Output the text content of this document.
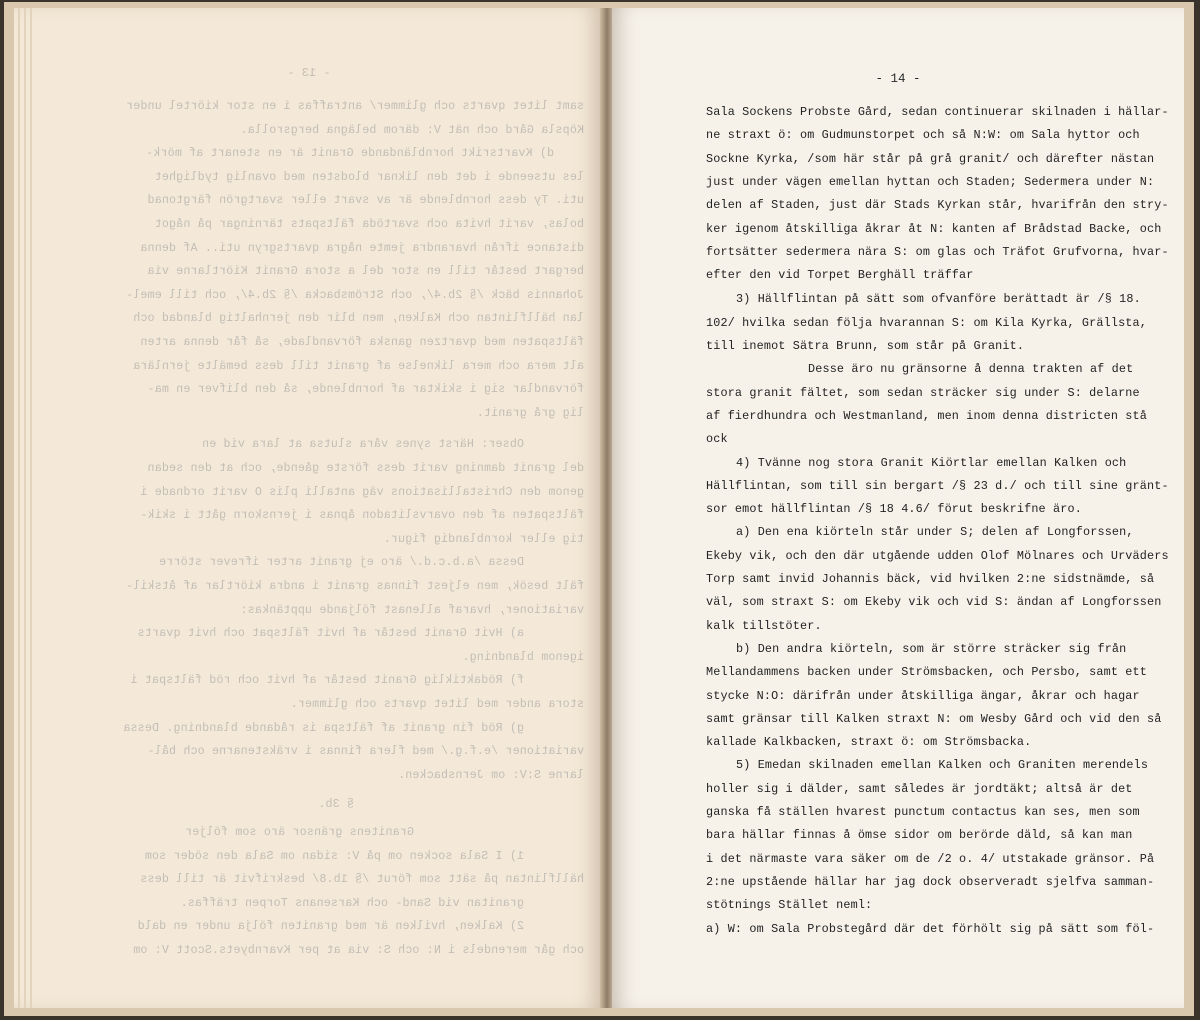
- 13 -
samt litet qvarts och glimmer/ antraffas i en stor kiörtel under
Köpsla Gård och nät V: därom belägna bergsrolla.
d) Kvartsrikt hornbländande Granit är en stenart af mörk-
les utseende i det den liknar blodsten med ovanlig tydlighet
uti. Ty dess hornblende är av svart eller svartgrön färgtonad
bolas, varit hvita och svartöda fältspats tärningar på något
distance ifrån hvarandra jemte några qvartsgryn uti.. Af denna
bergart består till en stor del a stora Granit Kiörtlarne via
Johannis bäck /§ 2b.4/, och Strömsbacka /§ 2b.4/, och till emel-
lan hällflintan och Kalken, men blir den jernhaltig blandad och
fältspaten med qvartzen ganska förvandlade, så får denna arten
alt mera och mera liknelse af granit till dess bemälte jernlära
förvandlar sig i skiktar af hornblende, så den blifver en ma-
lig grå granit.
Obser: Härst synes våra slutsa at lara vid en
del granit damning varit dess förste gående, och at den sedan
genom den Christallisations väg antalli plis O varit ordnade i
fältspaten af den ovarvslitadon åpnas i jernskorn gått i skik-
tig eller kornblandig figur.
Dessa /a.b.c.d./ äro ej granit arter ifrever större
fält besök, men eljest finnas granit i andra kiörtlar af åtskil-
variationer, hvaraf allenast följande upptänkas:
a) Hvit Granit består af hvit fältspat och hvit qvarts
igenom blandning.
f) Rödaktiklig Granit består af hvit och röd fältspat i
stora ander med litet qvarts och glimmer.
g) Röd fin granit af fältspa is rådande blandning. Dessa
variationer /e.f.g./ med flera finnas i vräkstenarne och bål-
larne S:V: om Jernsbacken.
§ 3b.
Granitens gränsor äro som följer
1) I Sala socken om på V: sidan om Sala den söder som
hällflintan på sätt som förut /§ 1b.8/ beskrifvit är till dess
granitan vid Sand- och Karsenans Torpen träffas.
2) Kalken, hvilken är med graniten följa under en dald
och går merendels i N: och S: via at per Kvarnbyets.Scott V: om
- 14 -
Sala Sockens Probste Gård, sedan continuerar skilnaden i hällar-
ne straxt ö: om Gudmunstorpet och så N:W: om Sala hyttor och
Sockne Kyrka, /som här står på grå granit/ och därefter nästan
just under vägen emellan hyttan och Staden; Sedermera under N:
delen af Staden, just där Stads Kyrkan står, hvarifrån den stry-
ker igenom åtskilliga åkrar åt N: kanten af Brådstad Backe, och
fortsätter sedermera nära S: om glas och Träfot Grufvorna, hvar-
efter den vid Torpet Berghäll träffar
3) Hällflintan på sätt som ofvanföre berättadt är /§ 18.
102/ hvilka sedan följa hvarannan S: om Kila Kyrka, Grällsta,
till inemot Sätra Brunn, som står på Granit.
Desse äro nu gränsorne å denna trakten af det
stora granit fältet, som sedan sträcker sig under S: delarne
af fierdhundra och Westmanland, men inom denna districten stå
ock
4) Tvänne nog stora Granit Kiörtlar emellan Kalken och
Hällflintan, som till sin bergart /§ 23 d./ och till sine gränt-
sor emot hällflintan /§ 18 4.6/ förut beskrifne äro.
a) Den ena kiörteln står under S; delen af Longforssen,
Ekeby vik, och den där utgående udden Olof Mölnares och Urväders
Torp samt invid Johannis bäck, vid hvilken 2:ne sidstnämde, så
väl, som straxt S: om Ekeby vik och vid S: ändan af Longforssen
kalk tillstöter.
b) Den andra kiörteln, som är större sträcker sig från
Mellandammens backen under Strömsbacken, och Persbo, samt ett
stycke N:O: därifrån under åtskilliga ängar, åkrar och hagar
samt gränsar till Kalken straxt N: om Wesby Gård och vid den så
kallade Kalkbacken, straxt ö: om Strömsbacka.
5) Emedan skilnaden emellan Kalken och Graniten merendels
holler sig i dälder, samt således är jordtäkt; altså är det
ganska få ställen hvarest punctum contactus kan ses, men som
bara hällar finnas å ömse sidor om berörde däld, så kan man
i det närmaste vara säker om de /2 o. 4/ utstakade gränsor. På
2:ne upstående hällar har jag dock observeradt sjelfva samman-
stötnings Stället neml:
a) W: om Sala Probstegård där det förhölt sig på sätt som föl-
